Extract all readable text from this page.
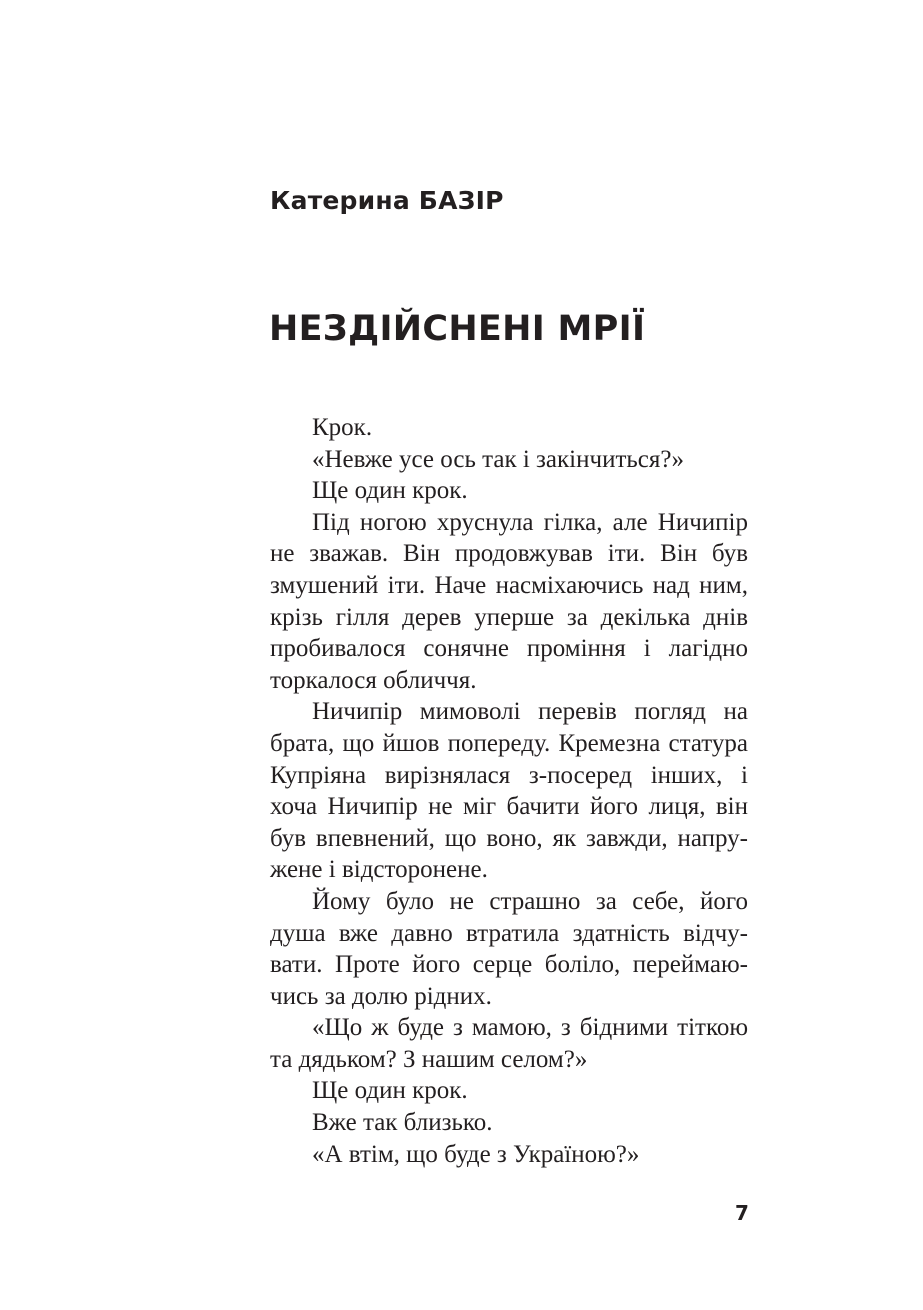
Катерина БАЗІР
НЕЗДІЙСНЕНІ МРІЇ

Крок.

«Невже усе ось так і закінчиться?»

Ще один крок.

Під ногою хруснула гілка, але Ничипір не зважав. Він продовжував іти. Він був змушений іти. Наче насміхаючись над ним, крізь гілля дерев уперше за декілька днів пробивалося сонячне проміння і лагідно торкалося обличчя.

Ничипір мимоволі перевів погляд на брата, що йшов попереду. Кремезна статура Купріяна вирізнялася з-посеред інших, і хоча Ничипір не міг бачити його лиця, він був впевнений, що воно, як завжди, напружене і відсторонене.

Йому було не страшно за себе, його душа вже давно втратила здатність відчувати. Проте його серце боліло, переймаючись за долю рідних.

«Що ж буде з мамою, з бідними тіткою та дядьком? З нашим селом?»

Ще один крок.

Вже так близько.

«А втім, що буде з Україною?»

7
